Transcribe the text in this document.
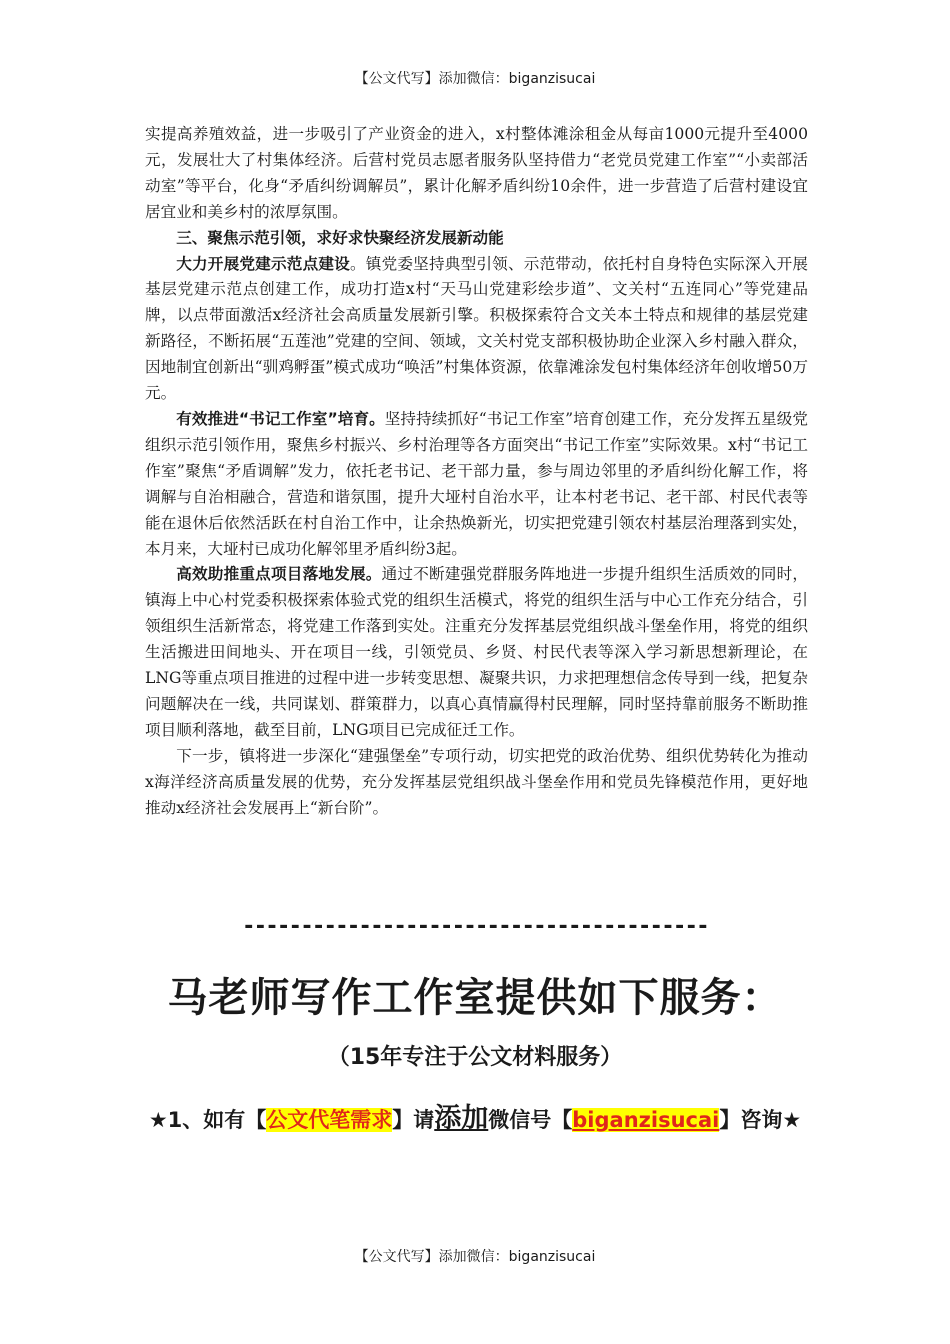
【公文代写】添加微信：biganzisucai

实提高养殖效益，进一步吸引了产业资金的进入，x村整体滩涂租金从每亩1000元提升至4000元，发展壮大了村集体经济。后营村党员志愿者服务队坚持借力“老党员党建工作室”“小卖部活动室”等平台，化身“矛盾纠纷调解员”，累计化解矛盾纠纷10余件，进一步营造了后营村建设宜居宜业和美乡村的浓厚氛围。

三、聚焦示范引领，求好求快聚经济发展新动能

大力开展党建示范点建设。镇党委坚持典型引领、示范带动，依托村自身特色实际深入开展基层党建示范点创建工作，成功打造x村“天马山党建彩绘步道”、文关村“五连同心”等党建品牌，以点带面激活x经济社会高质量发展新引擎。积极探索符合文关本土特点和规律的基层党建新路径，不断拓展“五莲池”党建的空间、领域，文关村党支部积极协助企业深入乡村融入群众，因地制宜创新出“驯鸡孵蛋”模式成功“唤活”村集体资源，依靠滩涂发包村集体经济年创收增50万元。

有效推进“书记工作室”培育。坚持持续抓好“书记工作室”培育创建工作，充分发挥五星级党组织示范引领作用，聚焦乡村振兴、乡村治理等各方面突出“书记工作室”实际效果。x村“书记工作室”聚焦“矛盾调解”发力，依托老书记、老干部力量，参与周边邻里的矛盾纠纷化解工作，将调解与自治相融合，营造和谐氛围，提升大垭村自治水平，让本村老书记、老干部、村民代表等能在退休后依然活跃在村自治工作中，让余热焕新光，切实把党建引领农村基层治理落到实处，本月来，大垭村已成功化解邻里矛盾纠纷3起。

高效助推重点项目落地发展。通过不断建强党群服务阵地进一步提升组织生活质效的同时，镇海上中心村党委积极探索体验式党的组织生活模式，将党的组织生活与中心工作充分结合，引领组织生活新常态，将党建工作落到实处。注重充分发挥基层党组织战斗堡垒作用，将党的组织生活搬进田间地头、开在项目一线，引领党员、乡贤、村民代表等深入学习新思想新理论，在LNG等重点项目推进的过程中进一步转变思想、凝聚共识，力求把理想信念传导到一线，把复杂问题解决在一线，共同谋划、群策群力，以真心真情赢得村民理解，同时坚持靠前服务不断助推项目顺利落地，截至目前，LNG项目已完成征迁工作。

下一步，镇将进一步深化“建强堡垒”专项行动，切实把党的政治优势、组织优势转化为推动x海洋经济高质量发展的优势，充分发挥基层党组织战斗堡垒作用和党员先锋模范作用，更好地推动x经济社会发展再上“新台阶”。

----------------------------------------
马老师写作工作室提供如下服务：
（15年专注于公文材料服务）
★1、如有【公文代笔需求】请添加微信号【biganzisucai】咨询★
【公文代写】添加微信：biganzisucai
